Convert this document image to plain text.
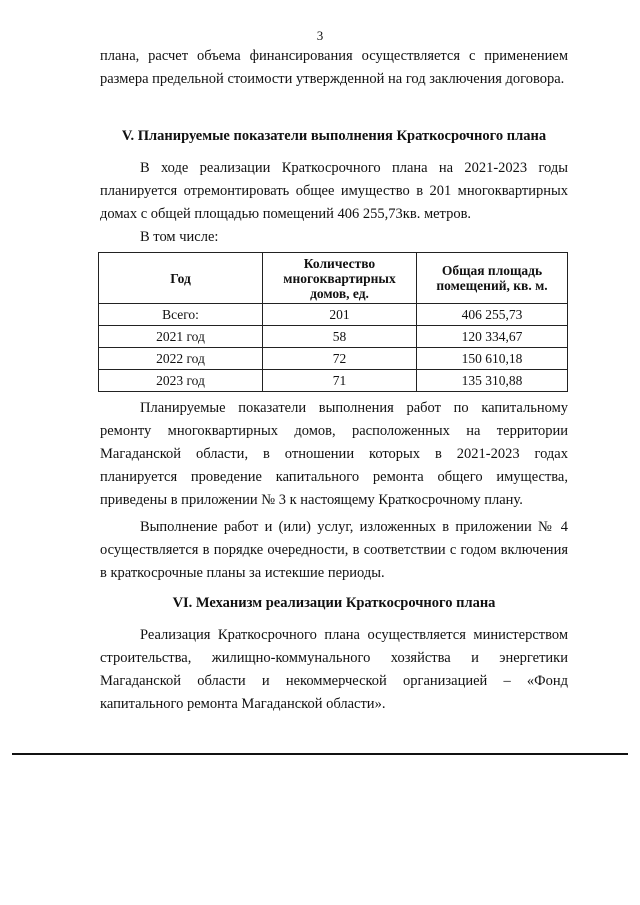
3

плана, расчет объема финансирования осуществляется с применением размера предельной стоимости утвержденной на год заключения договора.

V. Планируемые показатели выполнения Краткосрочного плана

В ходе реализации Краткосрочного плана на 2021-2023 годы планируется отремонтировать общее имущество в 201 многоквартирных домах с общей площадью помещений 406 255,73кв. метров.

В том числе:

Год	Количество многоквартирных домов, ед.	Общая площадь помещений, кв. м.
Всего:	201	406 255,73
2021 год	58	120 334,67
2022 год	72	150 610,18
2023 год	71	135 310,88

Планируемые показатели выполнения работ по капитальному ремонту многоквартирных домов, расположенных на территории Магаданской области, в отношении которых в 2021-2023 годах планируется проведение капитального ремонта общего имущества, приведены в приложении № 3 к настоящему Краткосрочному плану.

Выполнение работ и (или) услуг, изложенных в приложении № 4 осуществляется в порядке очередности, в соответствии с годом включения в краткосрочные планы за истекшие периоды.

VI. Механизм реализации Краткосрочного плана

Реализация Краткосрочного плана осуществляется министерством строительства, жилищно-коммунального хозяйства и энергетики Магаданской области и некоммерческой организацией – «Фонд капитального ремонта Магаданской области».
